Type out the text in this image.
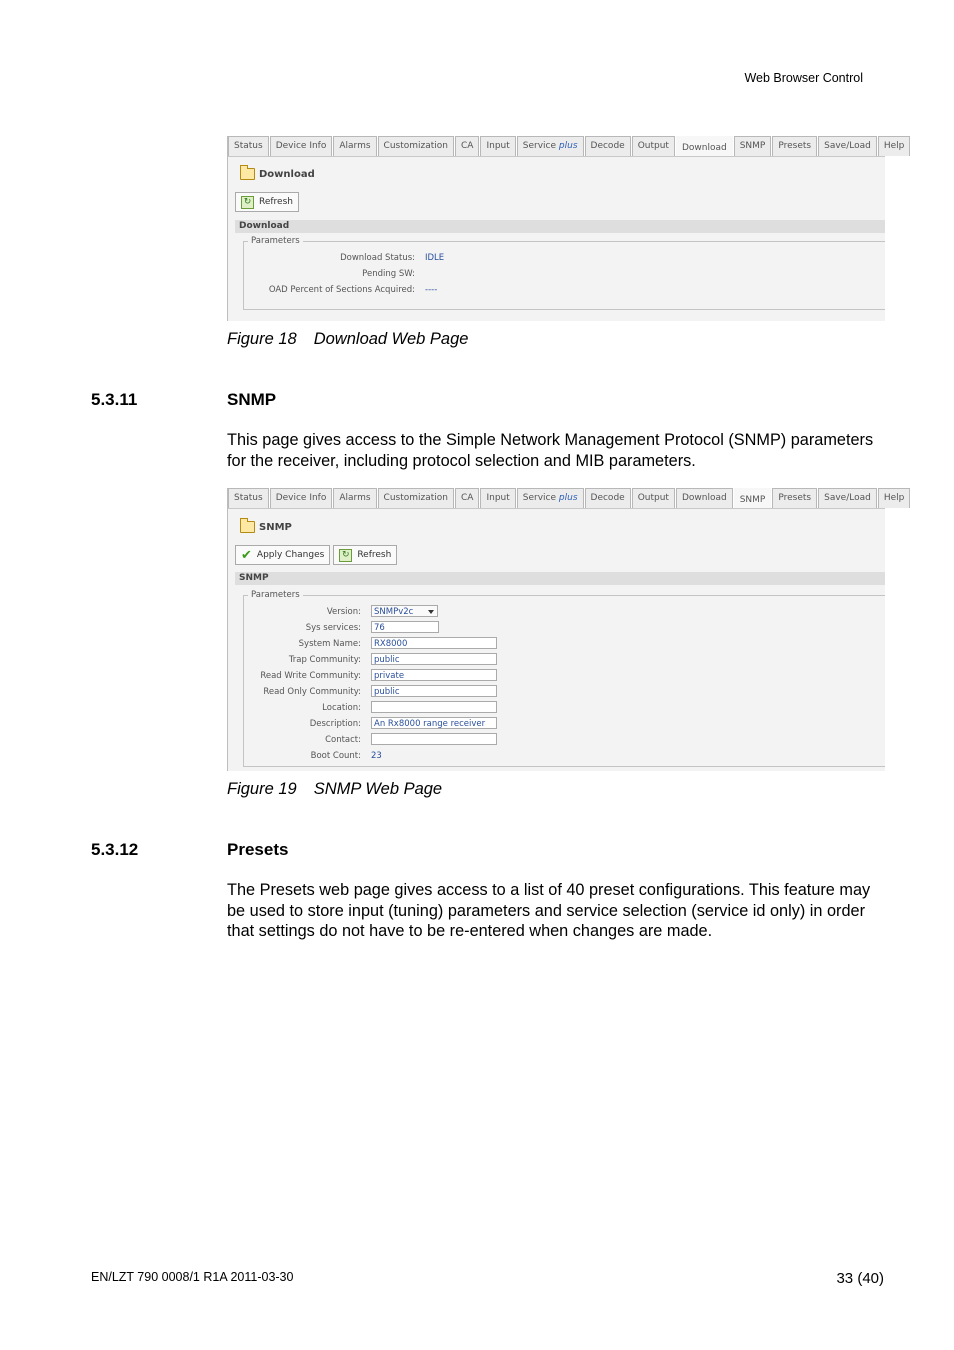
Web Browser Control
Status	Device Info	Alarms	Customization	CA	Input	Service plus	Decode	Output	Download	SNMP	Presets	Save/Load	Help
Download
↻ Refresh
Download
Parameters
Download Status: IDLE
Pending SW:
OAD Percent of Sections Acquired: ----
Figure 18 Download Web Page
5.3.11	SNMP
This page gives access to the Simple Network Management Protocol (SNMP) parameters for the receiver, including protocol selection and MIB parameters.
Status	Device Info	Alarms	Customization	CA	Input	Service plus	Decode	Output	Download	SNMP	Presets	Save/Load	Help
SNMP
✔ Apply Changes	↻ Refresh
SNMP
Parameters
Version:	SNMPv2c
Sys services:	76
System Name:	RX8000
Trap Community:	public
Read Write Community:	private
Read Only Community:	public
Location:
Description:	An Rx8000 range receiver
Contact:
Boot Count: 23
Figure 19 SNMP Web Page
5.3.12	Presets
The Presets web page gives access to a list of 40 preset configurations. This feature may be used to store input (tuning) parameters and service selection (service id only) in order that settings do not have to be re-entered when changes are made.
EN/LZT 790 0008/1 R1A 2011-03-30	33 (40)
